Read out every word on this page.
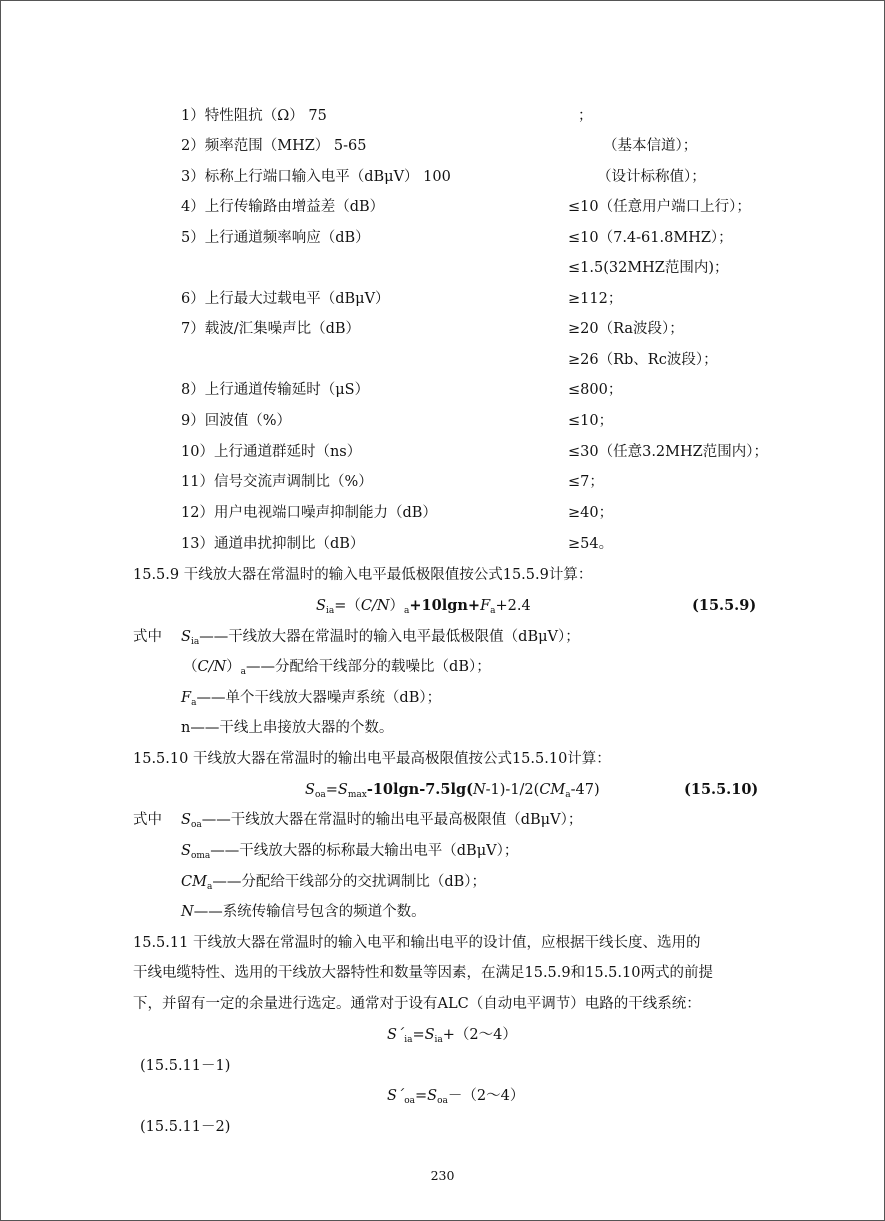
1）特性阻抗（Ω） 75	；
2）频率范围（MHZ） 5-65	（基本信道）；
3）标称上行端口输入电平（dBμV） 100	（设计标称值）；
4）上行传输路由增益差（dB）	≤10（任意用户端口上行）；
5）上行通道频率响应（dB）	≤10（7.4-61.8MHZ）；
≤1.5(32MHZ范围内)；
6）上行最大过载电平（dBμV）	≥112；
7）载波/汇集噪声比（dB）	≥20（Ra波段）；
≥26（Rb、Rc波段）；
8）上行通道传输延时（μS）	≤800；
9）回波值（%）	≤10；
10）上行通道群延时（ns）	≤30（任意3.2MHZ范围内）；
11）信号交流声调制比（%）	≤7；
12）用户电视端口噪声抑制能力（dB）	≥40；
13）通道串扰抑制比（dB）	≥54。
15.5.9 干线放大器在常温时的输入电平最低极限值按公式15.5.9计算：
$S_{ia}=(C/N)_a+10\lg n+F_a+2.4$	(15.5.9)
式中 $S_{ia}——$干线放大器在常温时的输入电平最低极限值（dBμV）；
$(C/N)_a——$分配给干线部分的载噪比（dB）；
$F_a——$单个干线放大器噪声系统（dB）；
n——干线上串接放大器的个数。
15.5.10 干线放大器在常温时的输出电平最高极限值按公式15.5.10计算：
$S_{oa}=S_{max}-10\lg n-7.5\lg(N-1)-1/2(CM_a-47)$	(15.5.10)
式中 $S_{oa}——$干线放大器在常温时的输出电平最高极限值（dBμV）；
$S_{oma}——$干线放大器的标称最大输出电平（dBμV）；
$CM_a——$分配给干线部分的交扰调制比（dB）；
N——系统传输信号包含的频道个数。
15.5.11 干线放大器在常温时的输入电平和输出电平的设计值，应根据干线长度、选用的
干线电缆特性、选用的干线放大器特性和数量等因素，在满足15.5.9和15.5.10两式的前提
下，并留有一定的余量进行选定。通常对于设有ALC（自动电平调节）电路的干线系统：
$S´_{ia}=S_{ia}+(2\sim 4)$
(15.5.11－1)
$S´_{oa}=S_{oa}-(2\sim 4)$
(15.5.11－2)
230
